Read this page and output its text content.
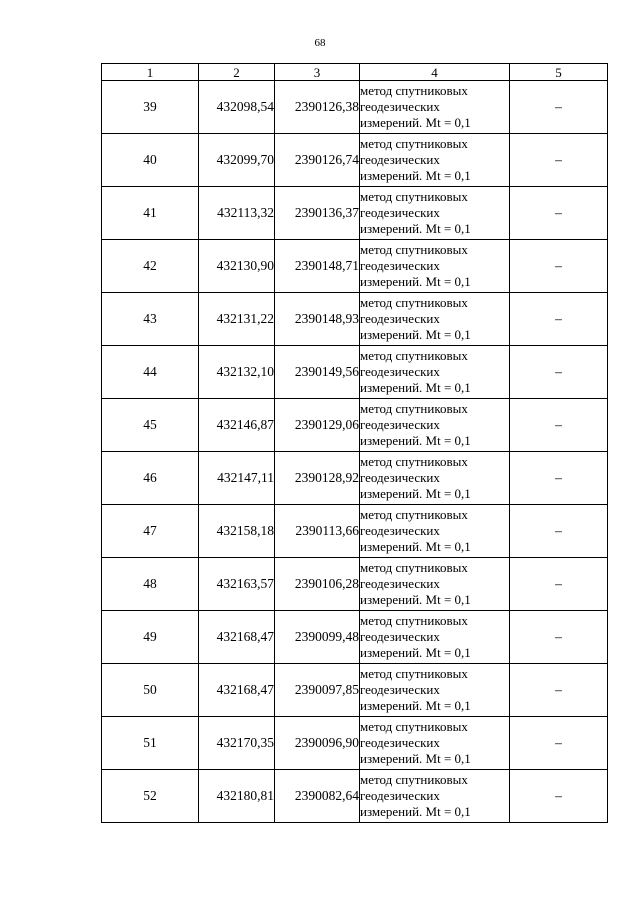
68
1	2	3	4	5
39	432098,54	2390126,38	метод спутниковых
геодезических
измерений. Mt = 0,1	–
40	432099,70	2390126,74	метод спутниковых
геодезических
измерений. Mt = 0,1	–
41	432113,32	2390136,37	метод спутниковых
геодезических
измерений. Mt = 0,1	–
42	432130,90	2390148,71	метод спутниковых
геодезических
измерений. Mt = 0,1	–
43	432131,22	2390148,93	метод спутниковых
геодезических
измерений. Mt = 0,1	–
44	432132,10	2390149,56	метод спутниковых
геодезических
измерений. Mt = 0,1	–
45	432146,87	2390129,06	метод спутниковых
геодезических
измерений. Mt = 0,1	–
46	432147,11	2390128,92	метод спутниковых
геодезических
измерений. Mt = 0,1	–
47	432158,18	2390113,66	метод спутниковых
геодезических
измерений. Mt = 0,1	–
48	432163,57	2390106,28	метод спутниковых
геодезических
измерений. Mt = 0,1	–
49	432168,47	2390099,48	метод спутниковых
геодезических
измерений. Mt = 0,1	–
50	432168,47	2390097,85	метод спутниковых
геодезических
измерений. Mt = 0,1	–
51	432170,35	2390096,90	метод спутниковых
геодезических
измерений. Mt = 0,1	–
52	432180,81	2390082,64	метод спутниковых
геодезических
измерений. Mt = 0,1	–
